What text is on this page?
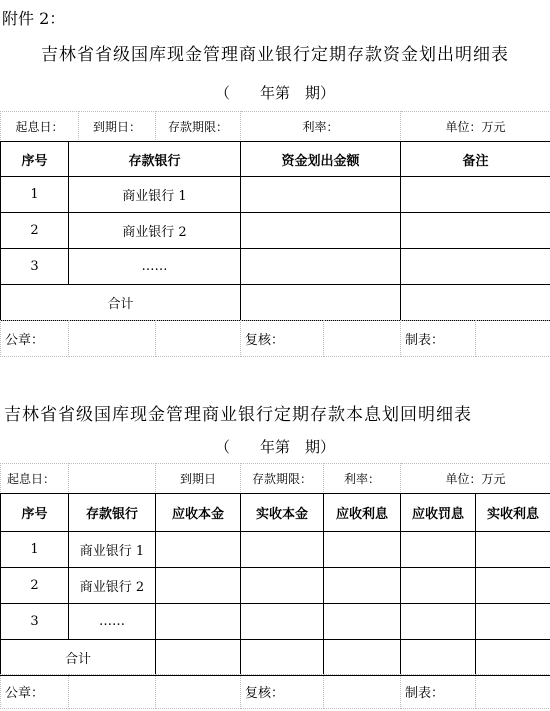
附件 2：
吉林省省级国库现金管理商业银行定期存款资金划出明细表
（　　年第　期）
起息日：	到期日：	存款期限：	利率：	单位：万元
序号	存款银行	资金划出金额	备注
1	商业银行 1		
2	商业银行 2		
3	……		
合计			
公章：			复核：		制表：	
吉林省省级国库现金管理商业银行定期存款本息划回明细表
（　　年第　期）
起息日：		到期日	存款期限：	利率：	单位：万元
序号	存款银行	应收本金	实收本金	应收利息	应收罚息	实收利息
1	商业银行 1					
2	商业银行 2					
3	……					
合计						
公章：			复核：		制表：	
